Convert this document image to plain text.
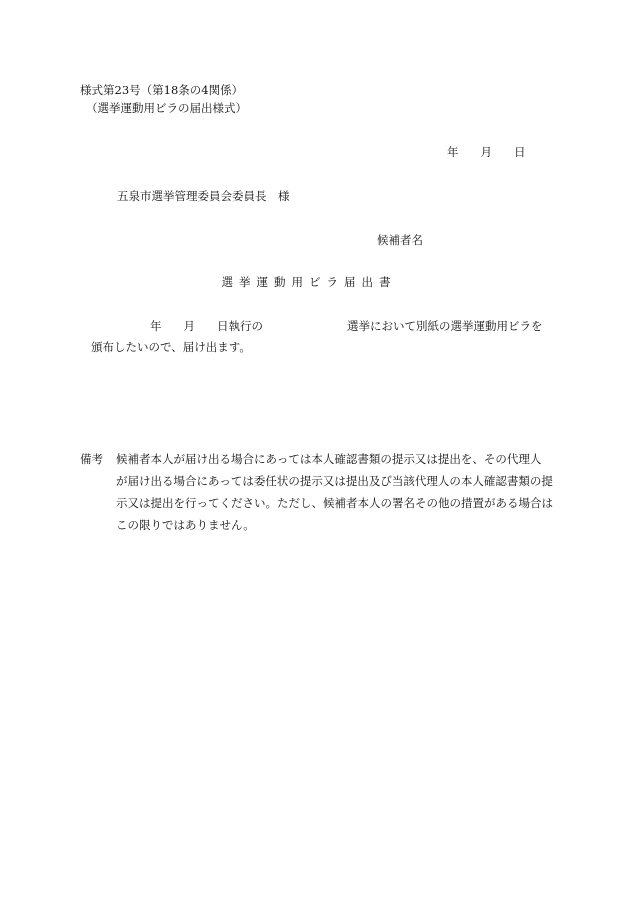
様式第23号（第18条の4関係）

（選挙運動用ビラの届出様式）

年 月 日

五泉市選挙管理委員会委員長　様

候補者名

選挙運動用ビラ届出書

年 月 日執行の	選挙において別紙の選挙運動用ビラを

頒布したいので、届け出ます。

備考 候補者本人が届け出る場合にあっては本人確認書類の提示又は提出を、その代理人
が届け出る場合にあっては委任状の提示又は提出及び当該代理人の本人確認書類の提
示又は提出を行ってください。ただし、候補者本人の署名その他の措置がある場合は
この限りではありません。
